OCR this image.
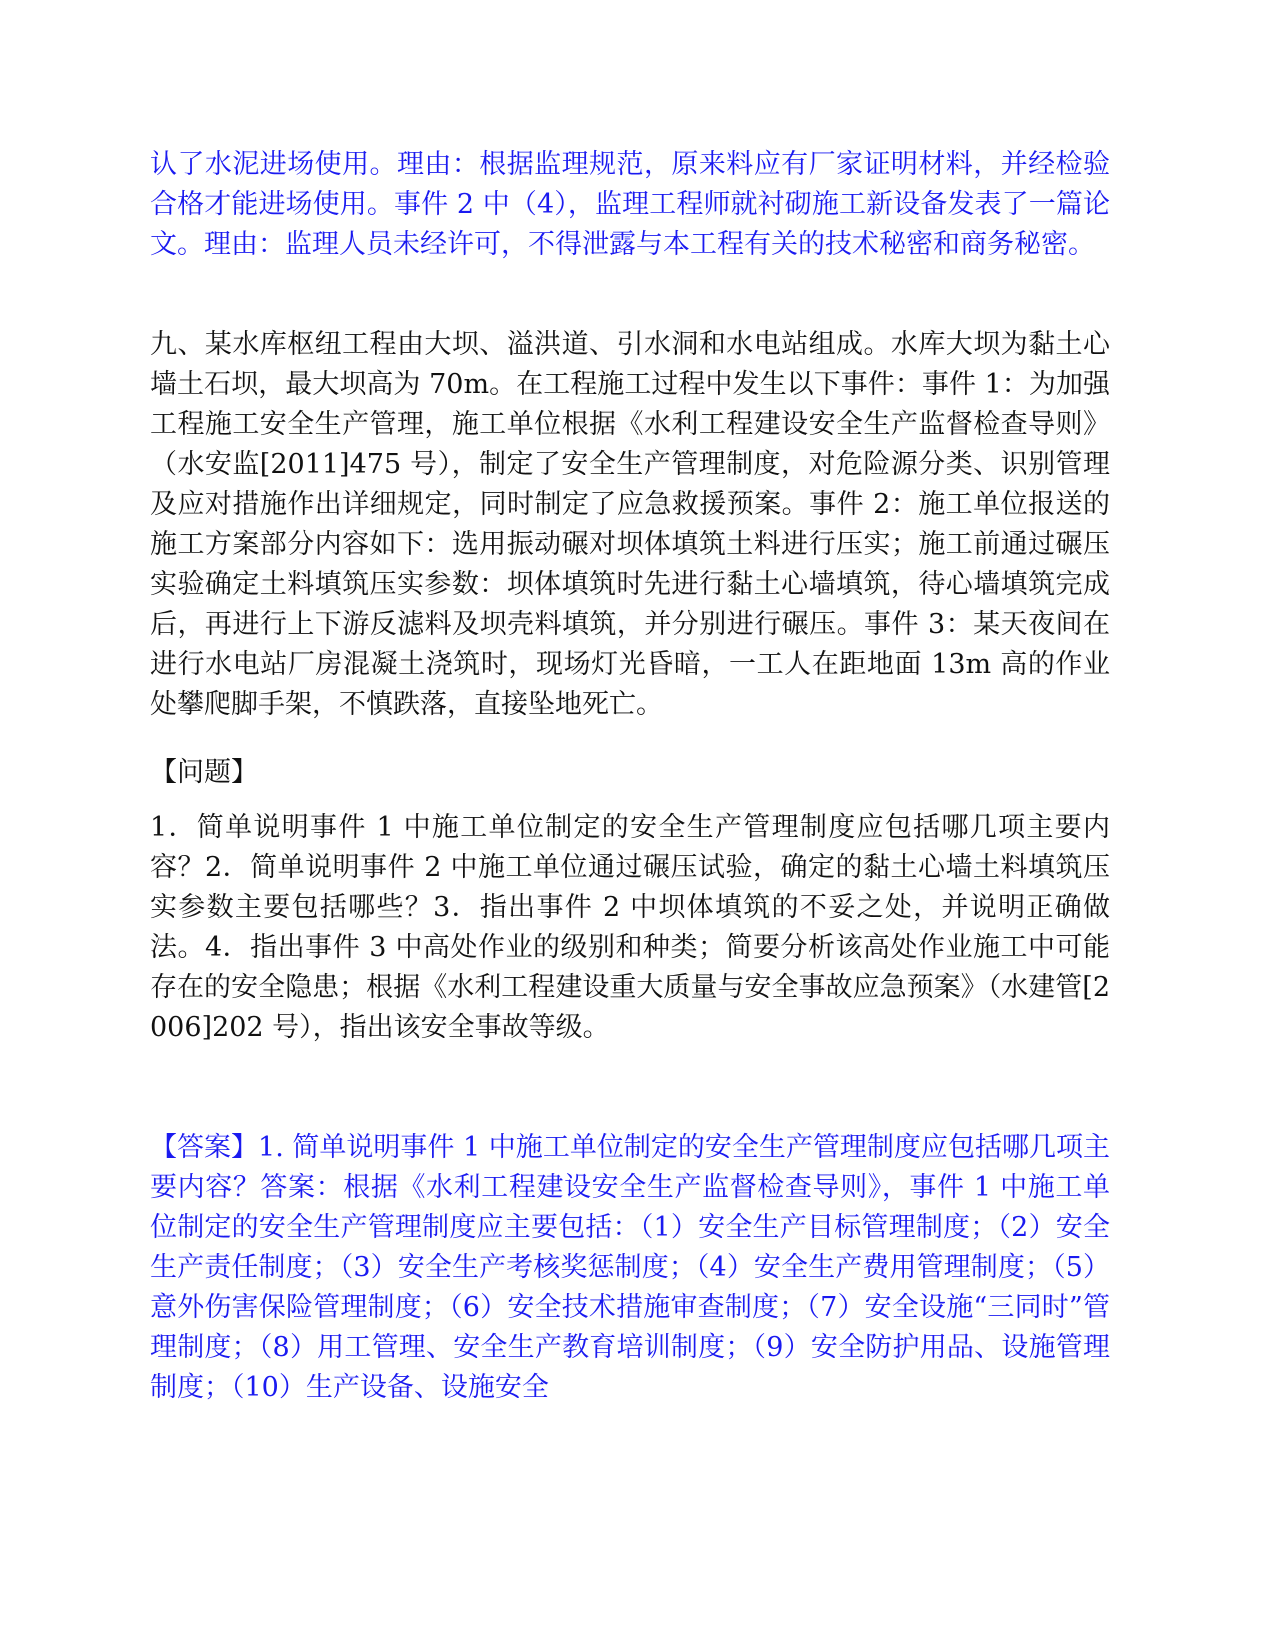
认了水泥进场使用。理由：根据监理规范，原来料应有厂家证明材料，并经检验合格才能进场使用。事件 2 中（4），监理工程师就衬砌施工新设备发表了一篇论文。理由：监理人员未经许可，不得泄露与本工程有关的技术秘密和商务秘密。

九、某水库枢纽工程由大坝、溢洪道、引水洞和水电站组成。水库大坝为黏土心墙土石坝，最大坝高为 70m。在工程施工过程中发生以下事件：事件 1：为加强工程施工安全生产管理，施工单位根据《水利工程建设安全生产监督检查导则》（水安监[2011]475 号），制定了安全生产管理制度，对危险源分类、识别管理及应对措施作出详细规定，同时制定了应急救援预案。事件 2：施工单位报送的施工方案部分内容如下：选用振动碾对坝体填筑土料进行压实；施工前通过碾压实验确定土料填筑压实参数：坝体填筑时先进行黏土心墙填筑，待心墙填筑完成后，再进行上下游反滤料及坝壳料填筑，并分别进行碾压。事件 3：某天夜间在进行水电站厂房混凝土浇筑时，现场灯光昏暗，一工人在距地面 13m 高的作业处攀爬脚手架，不慎跌落，直接坠地死亡。

【问题】

1．简单说明事件 1 中施工单位制定的安全生产管理制度应包括哪几项主要内容？2．简单说明事件 2 中施工单位通过碾压试验，确定的黏土心墙土料填筑压实参数主要包括哪些？3．指出事件 2 中坝体填筑的不妥之处，并说明正确做法。4．指出事件 3 中高处作业的级别和种类；简要分析该高处作业施工中可能存在的安全隐患；根据《水利工程建设重大质量与安全事故应急预案》（水建管[2006]202 号），指出该安全事故等级。

【答案】1. 简单说明事件 1 中施工单位制定的安全生产管理制度应包括哪几项主要内容？答案：根据《水利工程建设安全生产监督检查导则》，事件 1 中施工单位制定的安全生产管理制度应主要包括：（1）安全生产目标管理制度；（2）安全生产责任制度；（3）安全生产考核奖惩制度；（4）安全生产费用管理制度；（5）意外伤害保险管理制度；（6）安全技术措施审查制度；（7）安全设施“三同时”管理制度；（8）用工管理、安全生产教育培训制度；（9）安全防护用品、设施管理制度；（10）生产设备、设施安全
